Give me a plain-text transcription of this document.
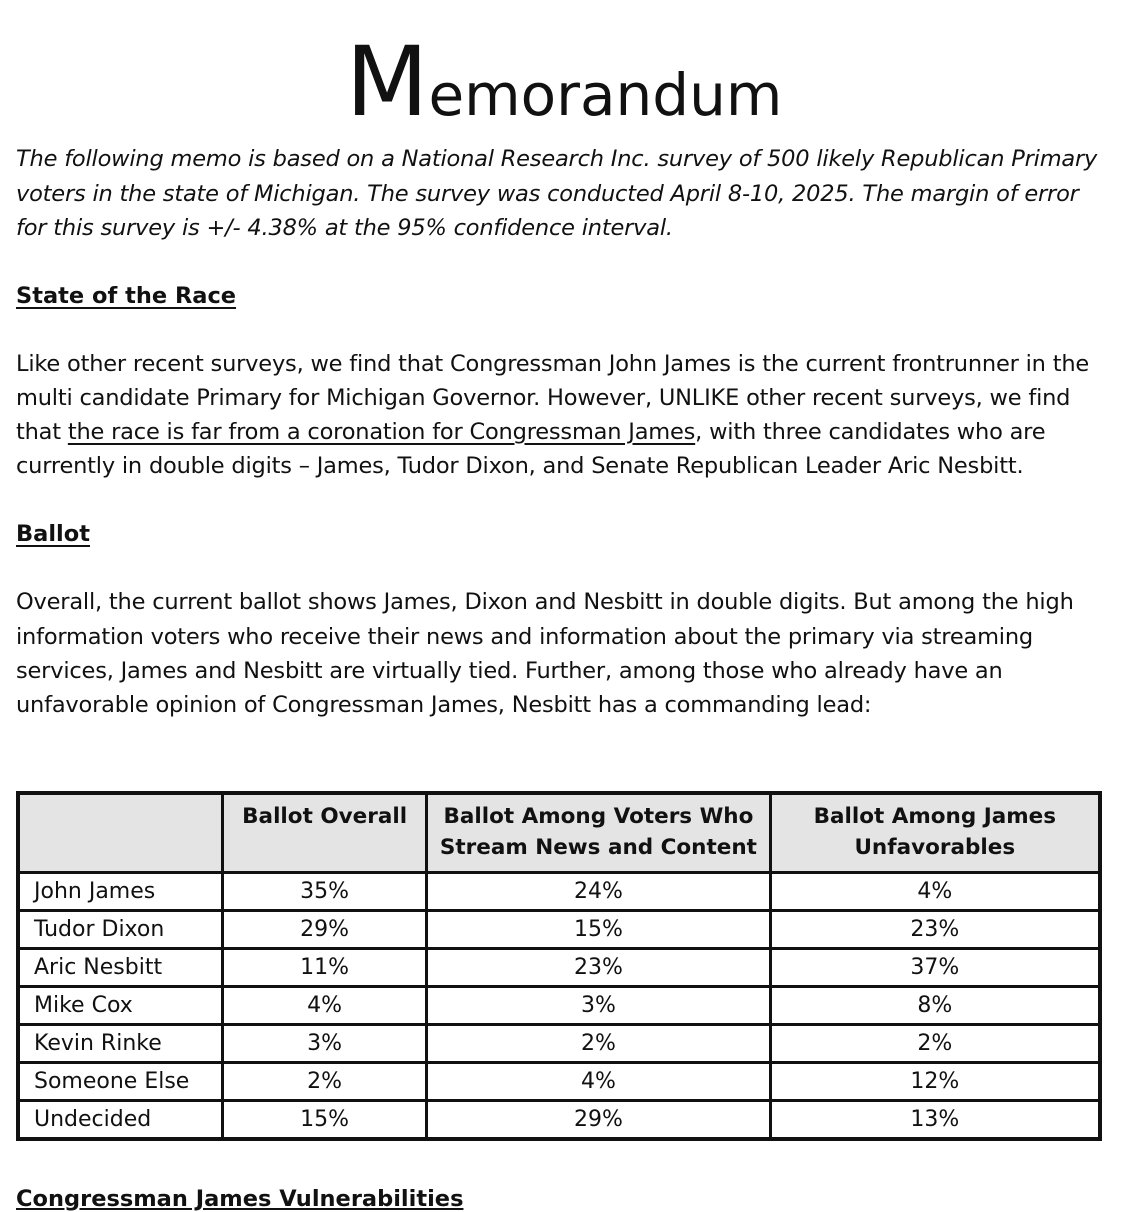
Memorandum

The following memo is based on a National Research Inc. survey of 500 likely Republican Primary voters in the state of Michigan. The survey was conducted April 8-10, 2025. The margin of error for this survey is +/- 4.38% at the 95% confidence interval.

State of the Race

Like other recent surveys, we find that Congressman John James is the current frontrunner in the multi candidate Primary for Michigan Governor. However, UNLIKE other recent surveys, we find that the race is far from a coronation for Congressman James, with three candidates who are currently in double digits – James, Tudor Dixon, and Senate Republican Leader Aric Nesbitt.

Ballot

Overall, the current ballot shows James, Dixon and Nesbitt in double digits. But among the high information voters who receive their news and information about the primary via streaming services, James and Nesbitt are virtually tied. Further, among those who already have an unfavorable opinion of Congressman James, Nesbitt has a commanding lead:

	Ballot Overall	Ballot Among Voters Who Stream News and Content	Ballot Among James Unfavorables
John James	35%	24%	4%
Tudor Dixon	29%	15%	23%
Aric Nesbitt	11%	23%	37%
Mike Cox	4%	3%	8%
Kevin Rinke	3%	2%	2%
Someone Else	2%	4%	12%
Undecided	15%	29%	13%
Congressman James Vulnerabilities
